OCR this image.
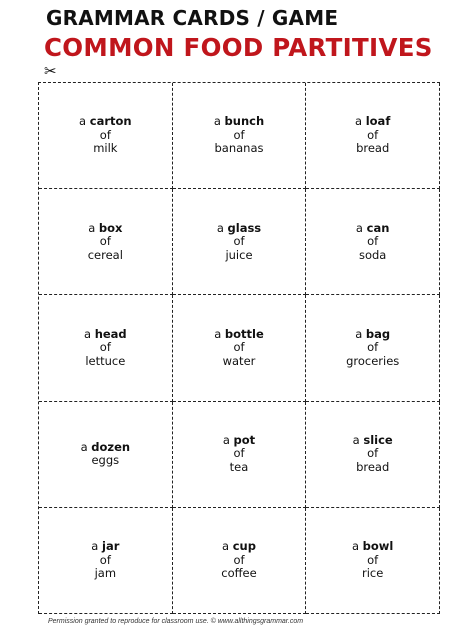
GRAMMAR CARDS / GAME
COMMON FOOD PARTITIVES
✂
a carton
of
milk
a bunch
of
bananas
a loaf
of
bread
a box
of
cereal
a glass
of
juice
a can
of
soda
a head
of
lettuce
a bottle
of
water
a bag
of
groceries
a dozen
eggs
a pot
of
tea
a slice
of
bread
a jar
of
jam
a cup
of
coffee
a bowl
of
rice
Permission granted to reproduce for classroom use. © www.allthingsgrammar.com
